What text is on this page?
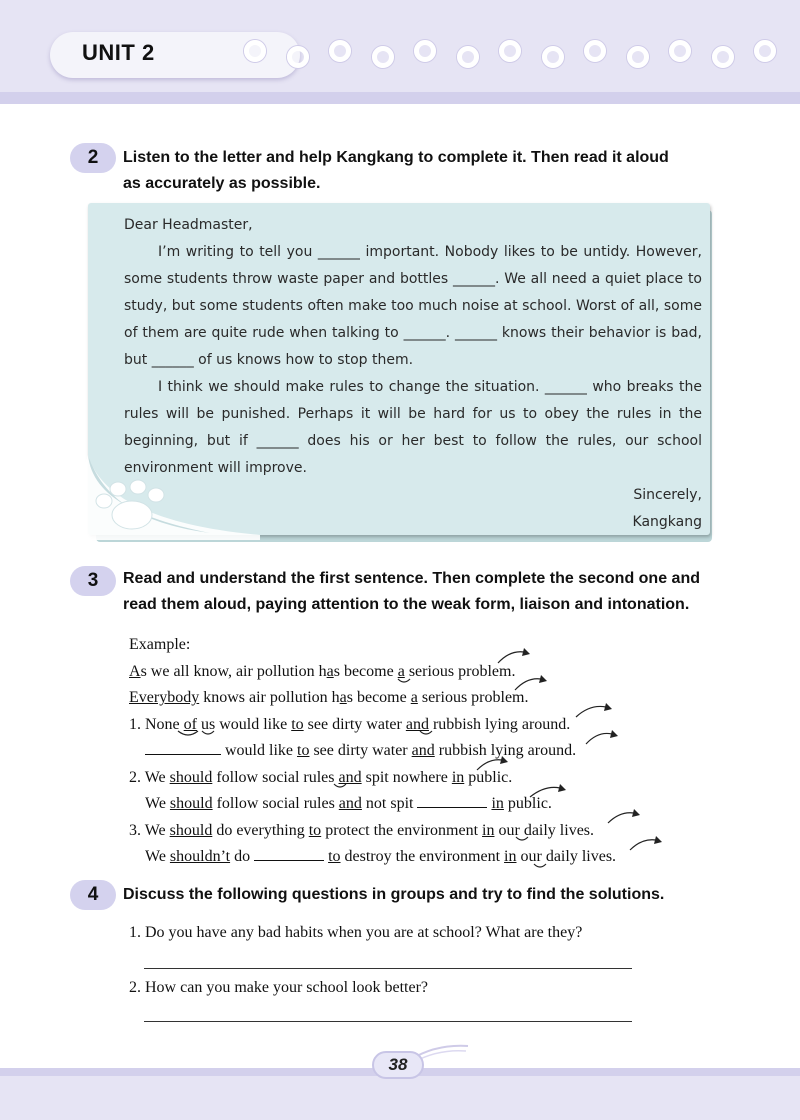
UNIT 2
2	Listen to the letter and help Kangkang to complete it. Then read it aloud
as accurately as possible.

Dear Headmaster,

I’m writing to tell you ______ important. Nobody likes to be untidy. However, some students throw waste paper and bottles ______. We all need a quiet place to study, but some students often make too much noise at school. Worst of all, some of them are quite rude when talking to ______. ______ knows their behavior is bad, but ______ of us knows how to stop them.

I think we should make rules to change the situation. ______ who breaks the rules will be punished. Perhaps it will be hard for us to obey the rules in the beginning, but if ______ does his or her best to follow the rules, our school environment will improve.

Sincerely,

Kangkang

3	Read and understand the first sentence. Then complete the second one and
read them aloud, paying attention to the weak form, liaison and intonation.
Example:
As we all know, air pollution has become a serious problem.
Everybody knows air pollution has become a serious problem.
1. None of us would like to see dirty water and rubbish lying around.
would like to see dirty water and rubbish lying around.
2. We should follow social rules and spit nowhere in public.
We should follow social rules and not spit	in public.
3. We should do everything to protect the environment in our daily lives.
We shouldn’t do	to destroy the environment in our daily lives.
4	Discuss the following questions in groups and try to find the solutions.
1. Do you have any bad habits when you are at school? What are they?
2. How can you make your school look better?
38
